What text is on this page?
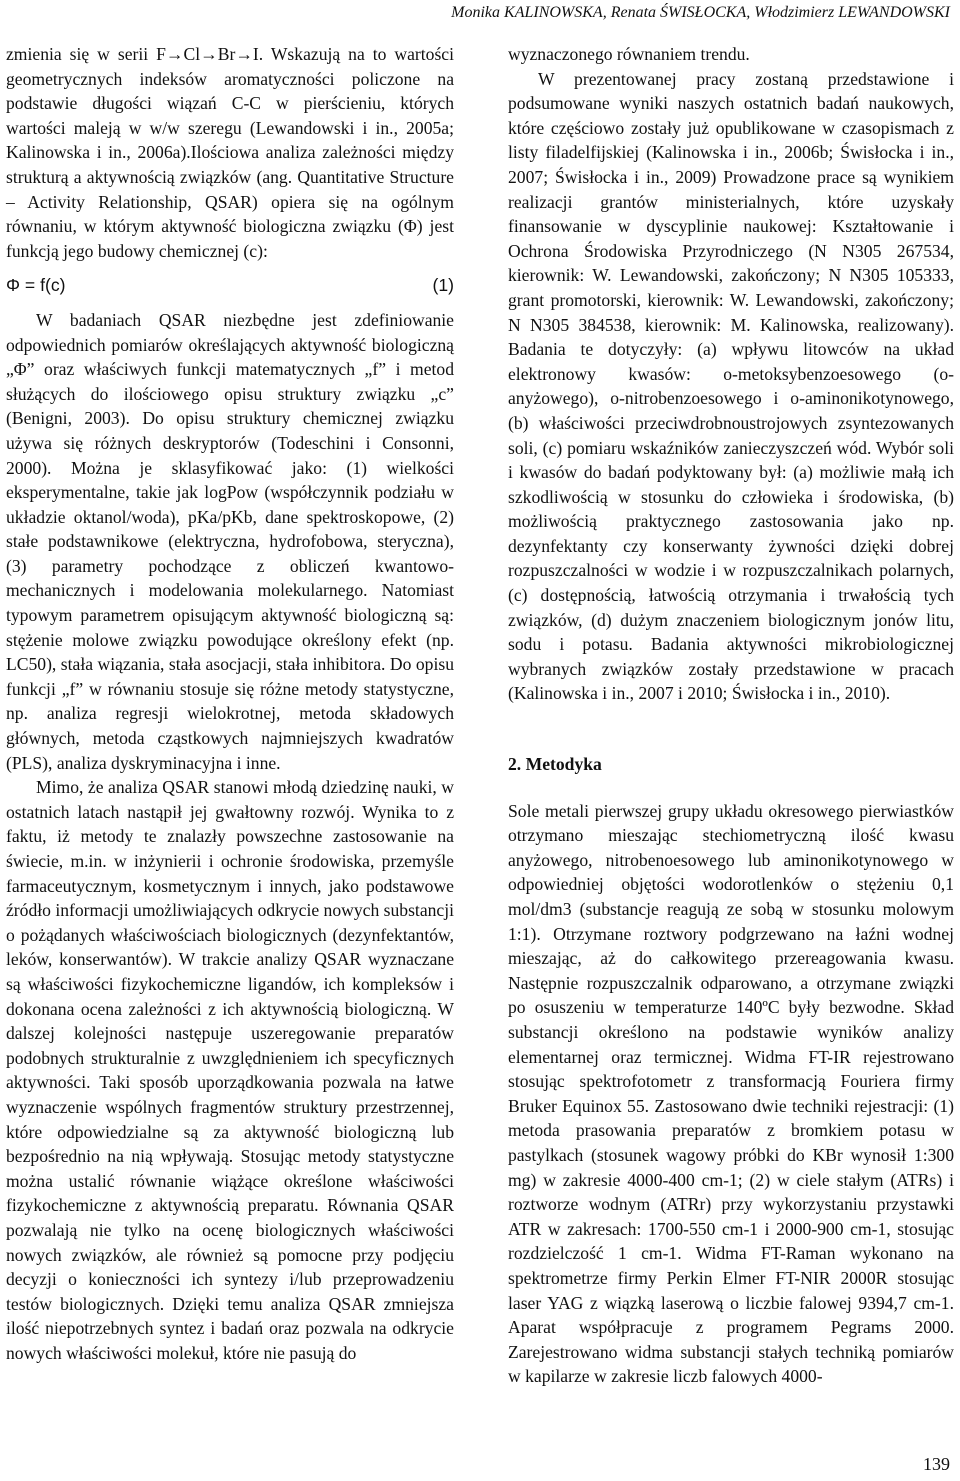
Monika KALINOWSKA, Renata ŚWISŁOCKA, Włodzimierz LEWANDOWSKI

zmienia się w serii F→Cl→Br→I. Wskazują na to wartości geometrycznych indeksów aromatyczności policzone na podstawie długości wiązań C-C w pierścieniu, których wartości maleją w w/w szeregu (Lewandowski i in., 2005a; Kalinowska i in., 2006a).Ilościowa analiza zależności między strukturą a aktywnością związków (ang. Quantitative Structure – Activity Relationship, QSAR) opiera się na ogólnym równaniu, w którym aktywność biologiczna związku (Φ) jest funkcją jego budowy chemicznej (c):

Φ = f(c)	(1)

W badaniach QSAR niezbędne jest zdefiniowanie odpowiednich pomiarów określających aktywność biologiczną „Φ” oraz właściwych funkcji matematycznych „f” i metod służących do ilościowego opisu struktury związku „c” (Benigni, 2003). Do opisu struktury chemicznej związku używa się różnych deskryptorów (Todeschini i Consonni, 2000). Można je sklasyfikować jako: (1) wielkości eksperymentalne, takie jak logPow (współczynnik podziału w układzie oktanol/woda), pKa/pKb, dane spektroskopowe, (2) stałe podstawnikowe (elektryczna, hydrofobowa, steryczna), (3) parametry pochodzące z obliczeń kwantowo-mechanicznych i modelowania molekularnego. Natomiast typowym parametrem opisującym aktywność biologiczną są: stężenie molowe związku powodujące określony efekt (np. LC50), stała wiązania, stała asocjacji, stała inhibitora. Do opisu funkcji „f” w równaniu stosuje się różne metody statystyczne, np. analiza regresji wielokrotnej, metoda składowych głównych, metoda cząstkowych najmniejszych kwadratów (PLS), analiza dyskryminacyjna i inne.

Mimo, że analiza QSAR stanowi młodą dziedzinę nauki, w ostatnich latach nastąpił jej gwałtowny rozwój. Wynika to z faktu, iż metody te znalazły powszechne zastosowanie na świecie, m.in. w inżynierii i ochronie środowiska, przemyśle farmaceutycznym, kosmetycznym i innych, jako podstawowe źródło informacji umożliwiających odkrycie nowych substancji o pożądanych właściwościach biologicznych (dezynfektantów, leków, konserwantów). W trakcie analizy QSAR wyznaczane są właściwości fizykochemiczne ligandów, ich kompleksów i dokonana ocena zależności z ich aktywnością biologiczną. W dalszej kolejności następuje uszeregowanie preparatów podobnych strukturalnie z uwzględnieniem ich specyficznych aktywności. Taki sposób uporządkowania pozwala na łatwe wyznaczenie wspólnych fragmentów struktury przestrzennej, które odpowiedzialne są za aktywność biologiczną lub bezpośrednio na nią wpływają. Stosując metody statystyczne można ustalić równanie wiążące określone właściwości fizykochemiczne z aktywnością preparatu. Równania QSAR pozwalają nie tylko na ocenę biologicznych właściwości nowych związków, ale również są pomocne przy podjęciu decyzji o konieczności ich syntezy i/lub przeprowadzeniu testów biologicznych. Dzięki temu analiza QSAR zmniejsza ilość niepotrzebnych syntez i badań oraz pozwala na odkrycie nowych właściwości molekuł, które nie pasują do

wyznaczonego równaniem trendu.

W prezentowanej pracy zostaną przedstawione i podsumowane wyniki naszych ostatnich badań naukowych, które częściowo zostały już opublikowane w czasopismach z listy filadelfijskiej (Kalinowska i in., 2006b; Świsłocka i in., 2007; Świsłocka i in., 2009) Prowadzone prace są wynikiem realizacji grantów ministerialnych, które uzyskały finansowanie w dyscyplinie naukowej: Kształtowanie i Ochrona Środowiska Przyrodniczego (N N305 267534, kierownik: W. Lewandowski, zakończony; N N305 105333, grant promotorski, kierownik: W. Lewandowski, zakończony; N N305 384538, kierownik: M. Kalinowska, realizowany). Badania te dotyczyły: (a) wpływu litowców na układ elektronowy kwasów: o-metoksybenzoesowego (o-anyżowego), o-nitrobenzoesowego i o-aminonikotynowego, (b) właściwości przeciwdrobnoustrojowych zsyntezowanych soli, (c) pomiaru wskaźników zanieczyszczeń wód. Wybór soli i kwasów do badań podyktowany był: (a) możliwie małą ich szkodliwością w stosunku do człowieka i środowiska, (b) możliwością praktycznego zastosowania jako np. dezynfektanty czy konserwanty żywności dzięki dobrej rozpuszczalności w wodzie i w rozpuszczalnikach polarnych, (c) dostępnością, łatwością otrzymania i trwałością tych związków, (d) dużym znaczeniem biologicznym jonów litu, sodu i potasu. Badania aktywności mikrobiologicznej wybranych związków zostały przedstawione w pracach (Kalinowska i in., 2007 i 2010; Świsłocka i in., 2010).

2. Metodyka

Sole metali pierwszej grupy układu okresowego pierwiastków otrzymano mieszając stechiometryczną ilość kwasu anyżowego, nitrobenoesowego lub aminonikotynowego w odpowiedniej objętości wodorotlenków o stężeniu 0,1 mol/dm3 (substancje reagują ze sobą w stosunku molowym 1:1). Otrzymane roztwory podgrzewano na łaźni wodnej mieszając, aż do całkowitego przereagowania kwasu. Następnie rozpuszczalnik odparowano, a otrzymane związki po osuszeniu w temperaturze 140ºC były bezwodne. Skład substancji określono na podstawie wyników analizy elementarnej oraz termicznej. Widma FT-IR rejestrowano stosując spektrofotometr z transformacją Fouriera firmy Bruker Equinox 55. Zastosowano dwie techniki rejestracji: (1) metoda prasowania preparatów z bromkiem potasu w pastylkach (stosunek wagowy próbki do KBr wynosił 1:300 mg) w zakresie 4000-400 cm-1; (2) w ciele stałym (ATRs) i roztworze wodnym (ATRr) przy wykorzystaniu przystawki ATR w zakresach: 1700-550 cm-1 i 2000-900 cm-1, stosując rozdzielczość 1 cm-1. Widma FT-Raman wykonano na spektrometrze firmy Perkin Elmer FT-NIR 2000R stosując laser YAG z wiązką laserową o liczbie falowej 9394,7 cm-1. Aparat współpracuje z programem Pegrams 2000. Zarejestrowano widma substancji stałych techniką pomiarów w kapilarze w zakresie liczb falowych 4000-

139
